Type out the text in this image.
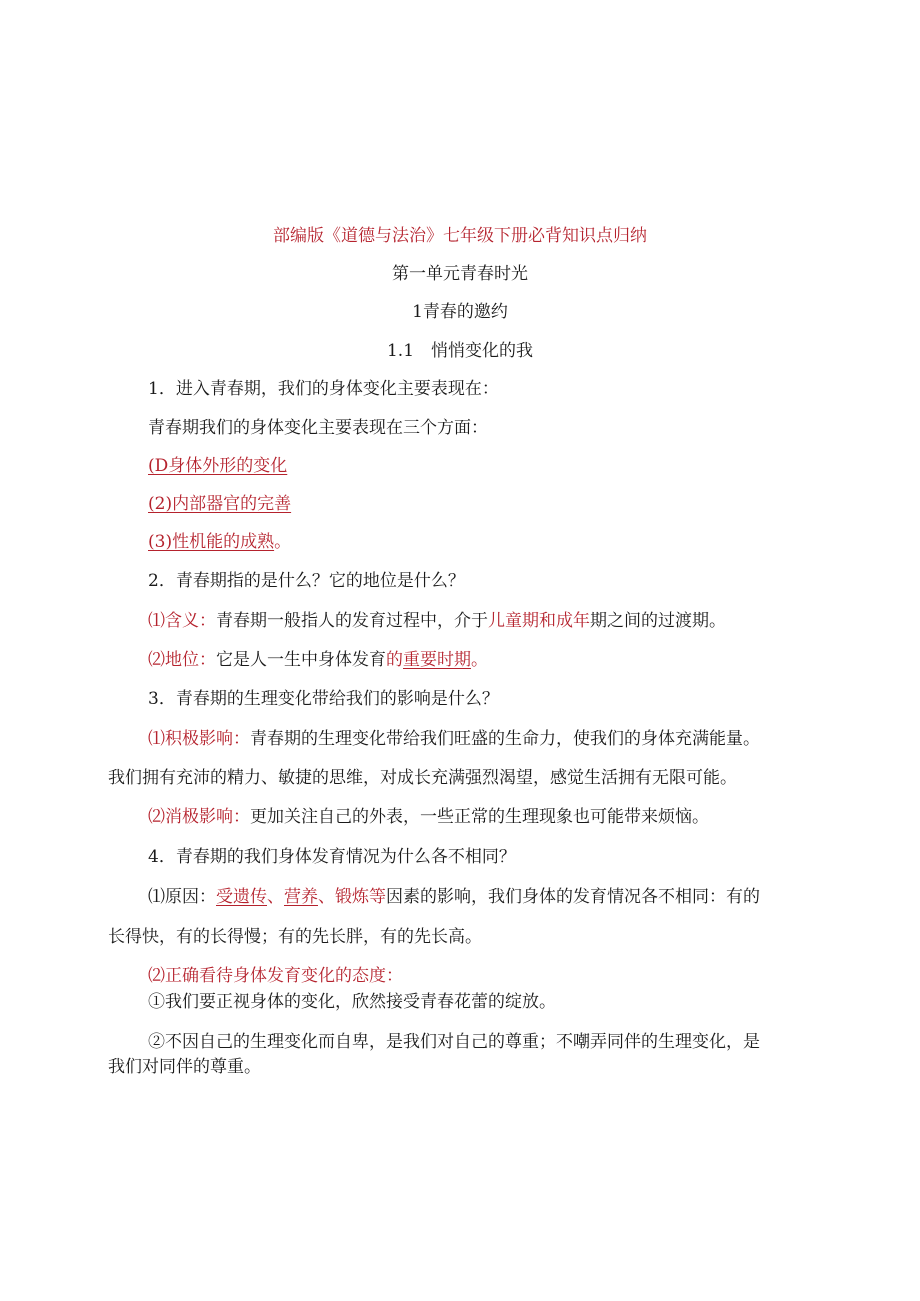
部编版《道德与法治》七年级下册必背知识点归纳
第一单元青春时光
1青春的邀约
1.1　悄悄变化的我
1．进入青春期，我们的身体变化主要表现在：
青春期我们的身体变化主要表现在三个方面：
(D身体外形的变化
(2)内部器官的完善
(3)性机能的成熟。
2．青春期指的是什么？它的地位是什么？
⑴含义：青春期一般指人的发育过程中，介于儿童期和成年期之间的过渡期。
⑵地位：它是人一生中身体发育的重要时期。
3．青春期的生理变化带给我们的影响是什么？
⑴积极影响：青春期的生理变化带给我们旺盛的生命力，使我们的身体充满能量。
我们拥有充沛的精力、敏捷的思维，对成长充满强烈渴望，感觉生活拥有无限可能。
⑵消极影响：更加关注自己的外表，一些正常的生理现象也可能带来烦恼。
4．青春期的我们身体发育情况为什么各不相同？
⑴原因：受遗传、营养、锻炼等因素的影响，我们身体的发育情况各不相同：有的
长得快，有的长得慢；有的先长胖，有的先长高。
⑵正确看待身体发育变化的态度：
①我们要正视身体的变化，欣然接受青春花蕾的绽放。
②不因自己的生理变化而自卑，是我们对自己的尊重；不嘲弄同伴的生理变化，是
我们对同伴的尊重。
